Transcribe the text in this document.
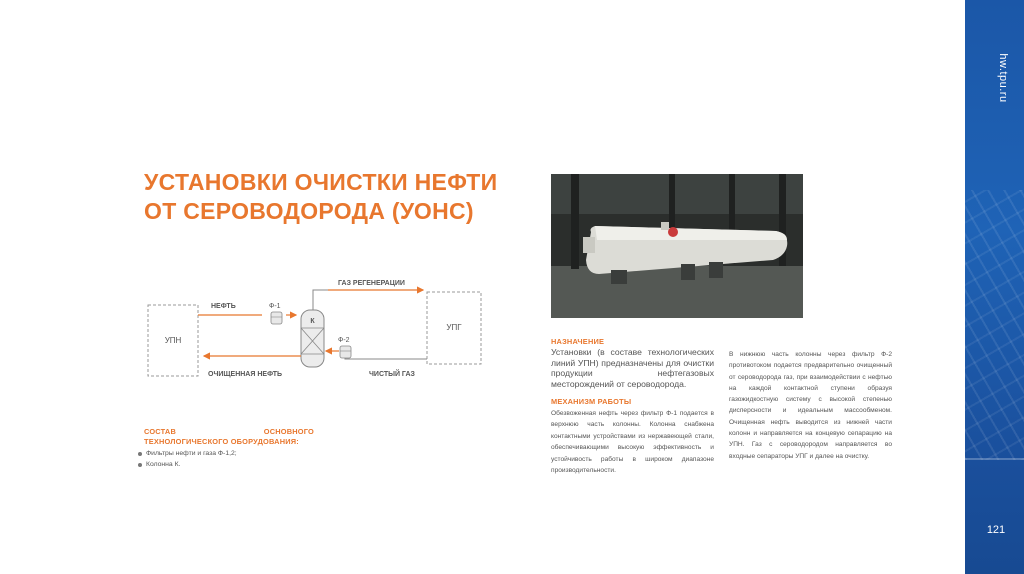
УСТАНОВКИ ОЧИСТКИ НЕФТИ
ОТ СЕРОВОДОРОДА (УОНС)
УПН
УПГ
НЕФТЬ	Ф-1
ГАЗ РЕГЕНЕРАЦИИ
К
ЧИСТЫЙ ГАЗ
Ф-2
ОЧИЩЕННАЯ НЕФТЬ
СОСТАВ ОСНОВНОГО ТЕХНОЛОГИЧЕСКОГО ОБОРУДОВАНИЯ:
Фильтры нефти и газа Ф-1,2;
Колонна К.
НАЗНАЧЕНИЕ

Установки (в составе технологических линий УПН) предназначены для очистки продукции нефтегазовых месторождений от сероводорода.

МЕХАНИЗМ РАБОТЫ

Обезвоженная нефть через фильтр Ф-1 подается в верхнюю часть колонны. Колонна снабжена контактными устройствами из нержавеющей стали, обеспечивающими высокую эффективность и устойчивость работы в широком диапазоне производительности.

В нижнюю часть колонны через фильтр Ф-2 противотоком подается предварительно очищенный от сероводорода газ, при взаимодействии с нефтью на каждой контактной ступени образуя газожидкостную систему с высокой степенью дисперсности и идеальным массообменом. Очищенная нефть выводится из нижней части колонн и направляется на концевую сепарацию на УПН. Газ с сероводородом направляется во входные сепараторы УПГ и далее на очистку.

hw.tpu.ru
121
